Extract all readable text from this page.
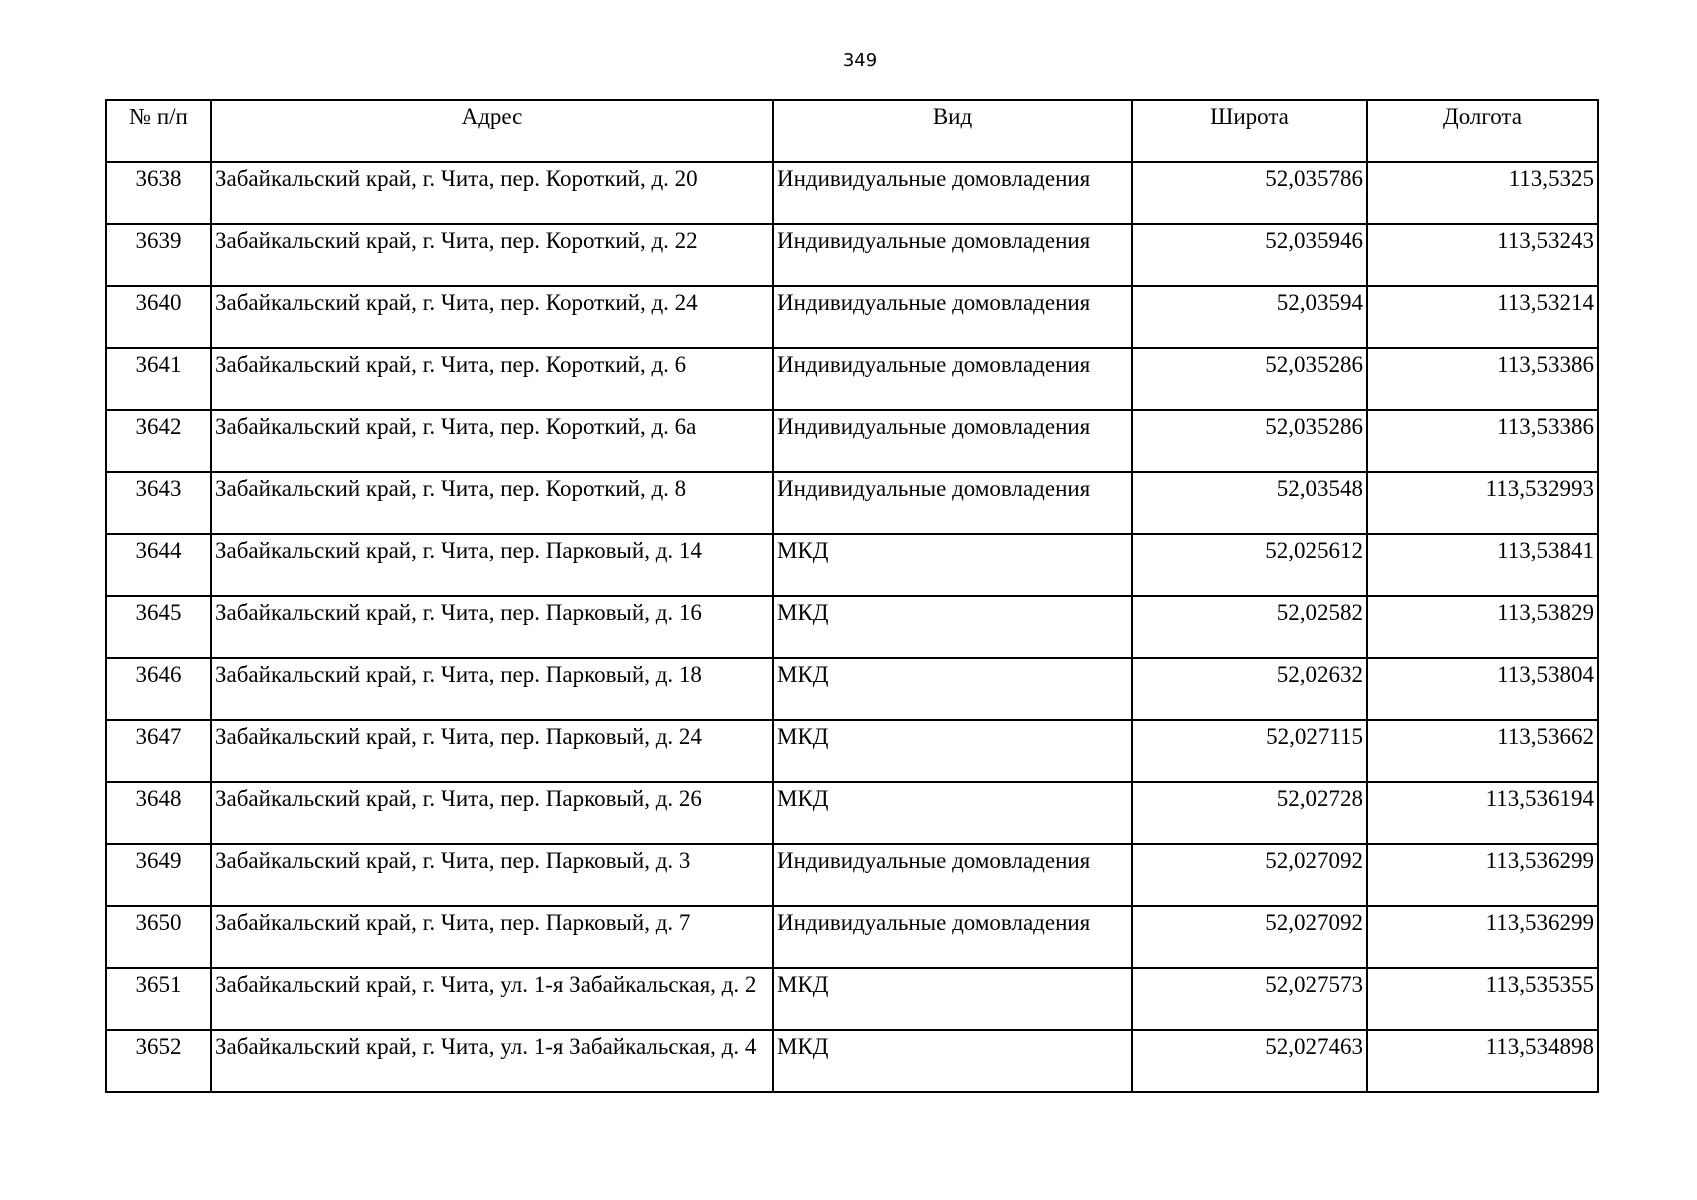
349
№ п/п	Адрес	Вид	Широта	Долгота
3638	Забайкальский край, г. Чита, пер. Короткий, д. 20	Индивидуальные домовладения	52,035786	113,5325
3639	Забайкальский край, г. Чита, пер. Короткий, д. 22	Индивидуальные домовладения	52,035946	113,53243
3640	Забайкальский край, г. Чита, пер. Короткий, д. 24	Индивидуальные домовладения	52,03594	113,53214
3641	Забайкальский край, г. Чита, пер. Короткий, д. 6	Индивидуальные домовладения	52,035286	113,53386
3642	Забайкальский край, г. Чита, пер. Короткий, д. 6а	Индивидуальные домовладения	52,035286	113,53386
3643	Забайкальский край, г. Чита, пер. Короткий, д. 8	Индивидуальные домовладения	52,03548	113,532993
3644	Забайкальский край, г. Чита, пер. Парковый, д. 14	МКД	52,025612	113,53841
3645	Забайкальский край, г. Чита, пер. Парковый, д. 16	МКД	52,02582	113,53829
3646	Забайкальский край, г. Чита, пер. Парковый, д. 18	МКД	52,02632	113,53804
3647	Забайкальский край, г. Чита, пер. Парковый, д. 24	МКД	52,027115	113,53662
3648	Забайкальский край, г. Чита, пер. Парковый, д. 26	МКД	52,02728	113,536194
3649	Забайкальский край, г. Чита, пер. Парковый, д. 3	Индивидуальные домовладения	52,027092	113,536299
3650	Забайкальский край, г. Чита, пер. Парковый, д. 7	Индивидуальные домовладения	52,027092	113,536299
3651	Забайкальский край, г. Чита, ул. 1-я Забайкальская, д. 2	МКД	52,027573	113,535355
3652	Забайкальский край, г. Чита, ул. 1-я Забайкальская, д. 4	МКД	52,027463	113,534898
